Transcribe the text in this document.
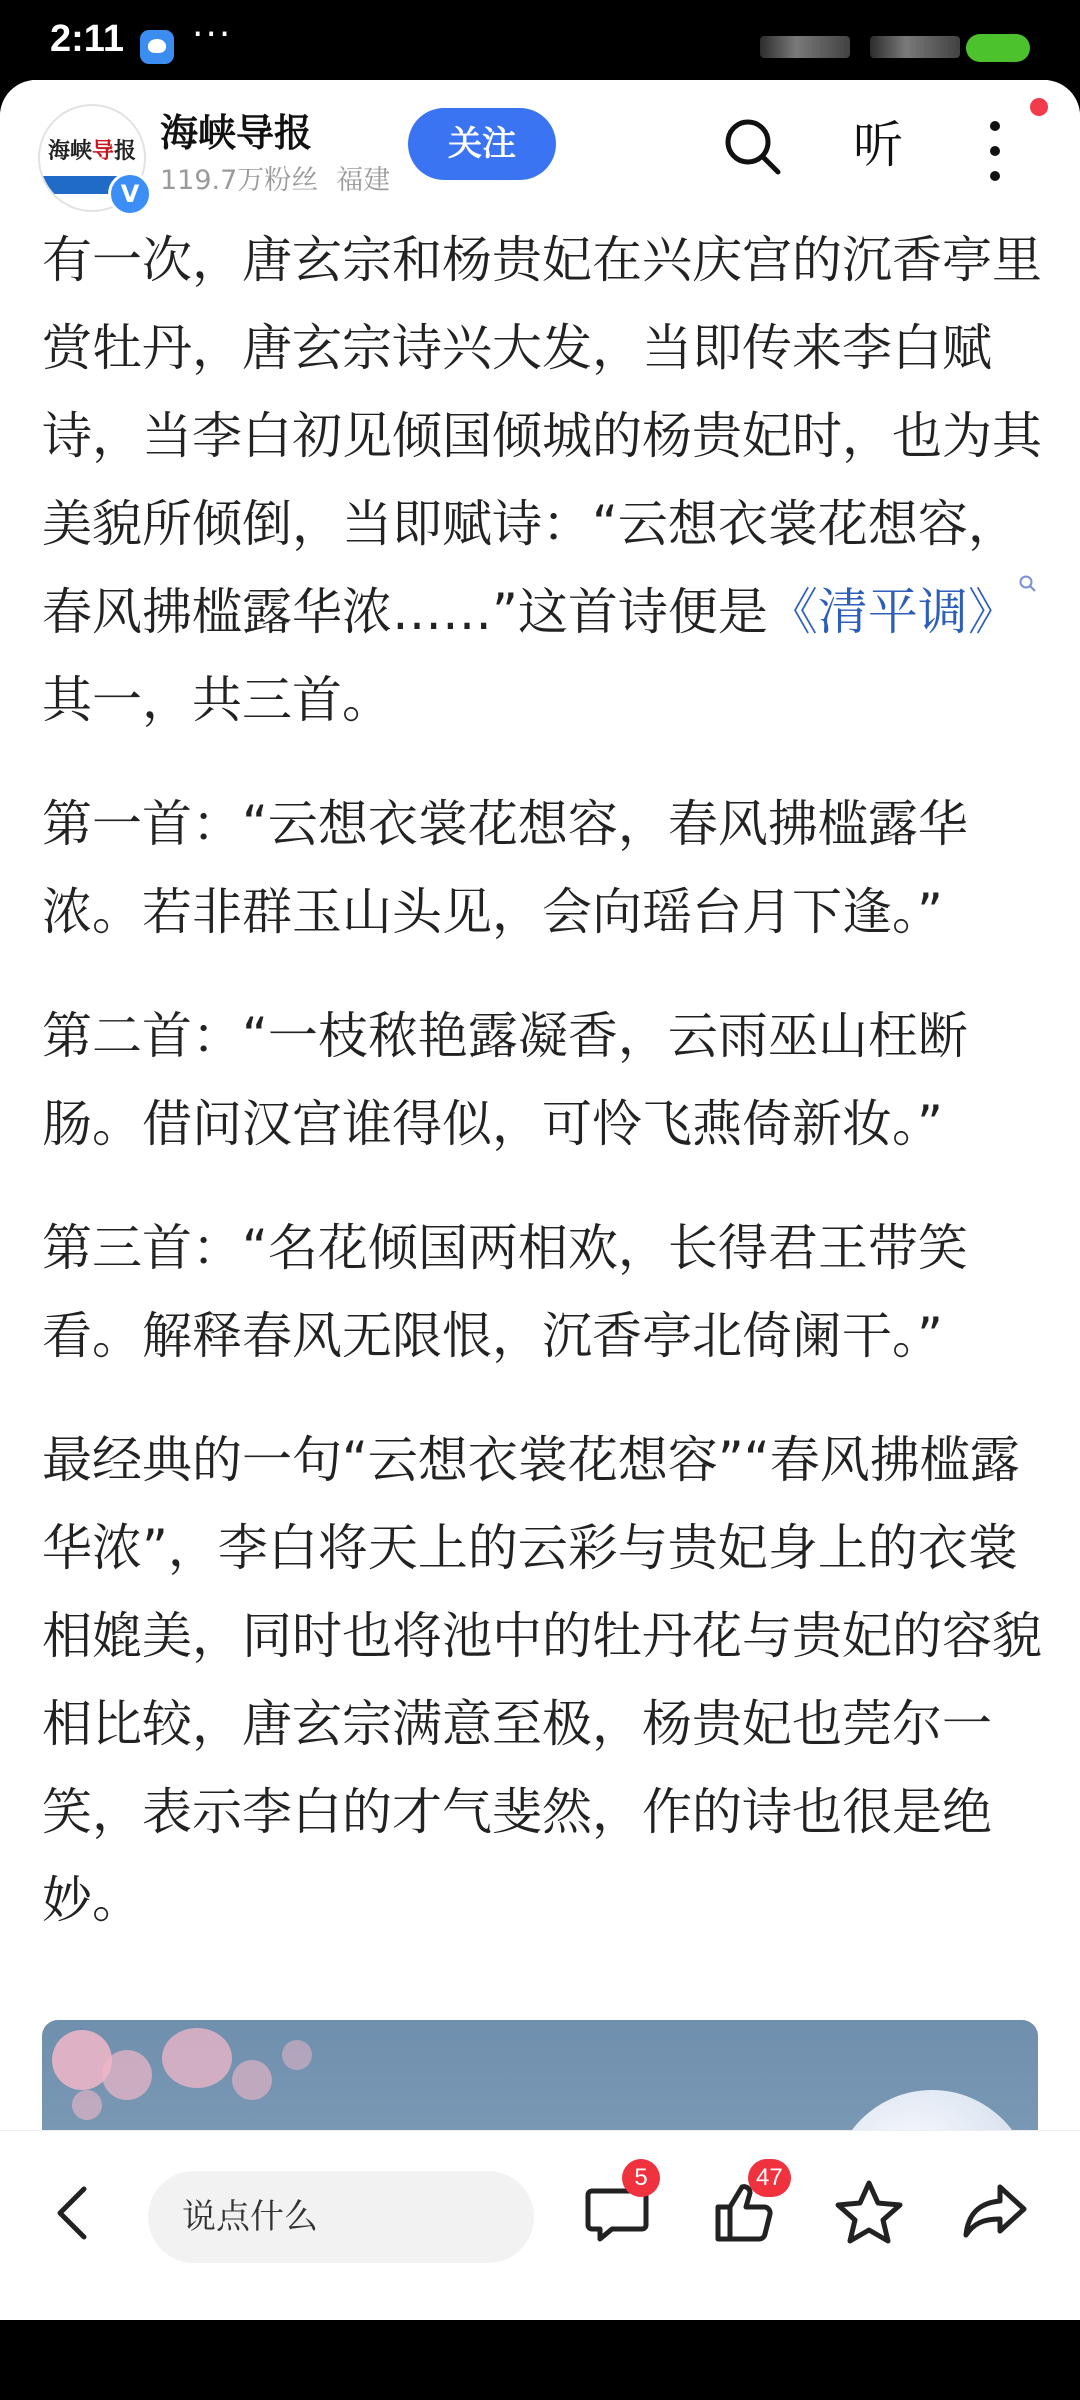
2:11 ···
海峡导报
V
海峡导报
119.7万粉丝 福建
关注	听

有一次，唐玄宗和杨贵妃在兴庆宫的沉香亭里赏牡丹，唐玄宗诗兴大发，当即传来李白赋诗，当李白初见倾国倾城的杨贵妃时，也为其美貌所倾倒，当即赋诗：“云想衣裳花想容，春风拂槛露华浓……”这首诗便是《清平调》 其一，共三首。

第一首：“云想衣裳花想容，春风拂槛露华浓。若非群玉山头见，会向瑶台月下逢。”

第二首：“一枝秾艳露凝香，云雨巫山枉断肠。借问汉宫谁得似，可怜飞燕倚新妆。”

第三首：“名花倾国两相欢，长得君王带笑看。解释春风无限恨，沉香亭北倚阑干。”

最经典的一句“云想衣裳花想容”“春风拂槛露华浓”，李白将天上的云彩与贵妃身上的衣裳相媲美，同时也将池中的牡丹花与贵妃的容貌相比较，唐玄宗满意至极，杨贵妃也莞尔一笑，表示李白的才气斐然，作的诗也很是绝妙。

说点什么
5	47
